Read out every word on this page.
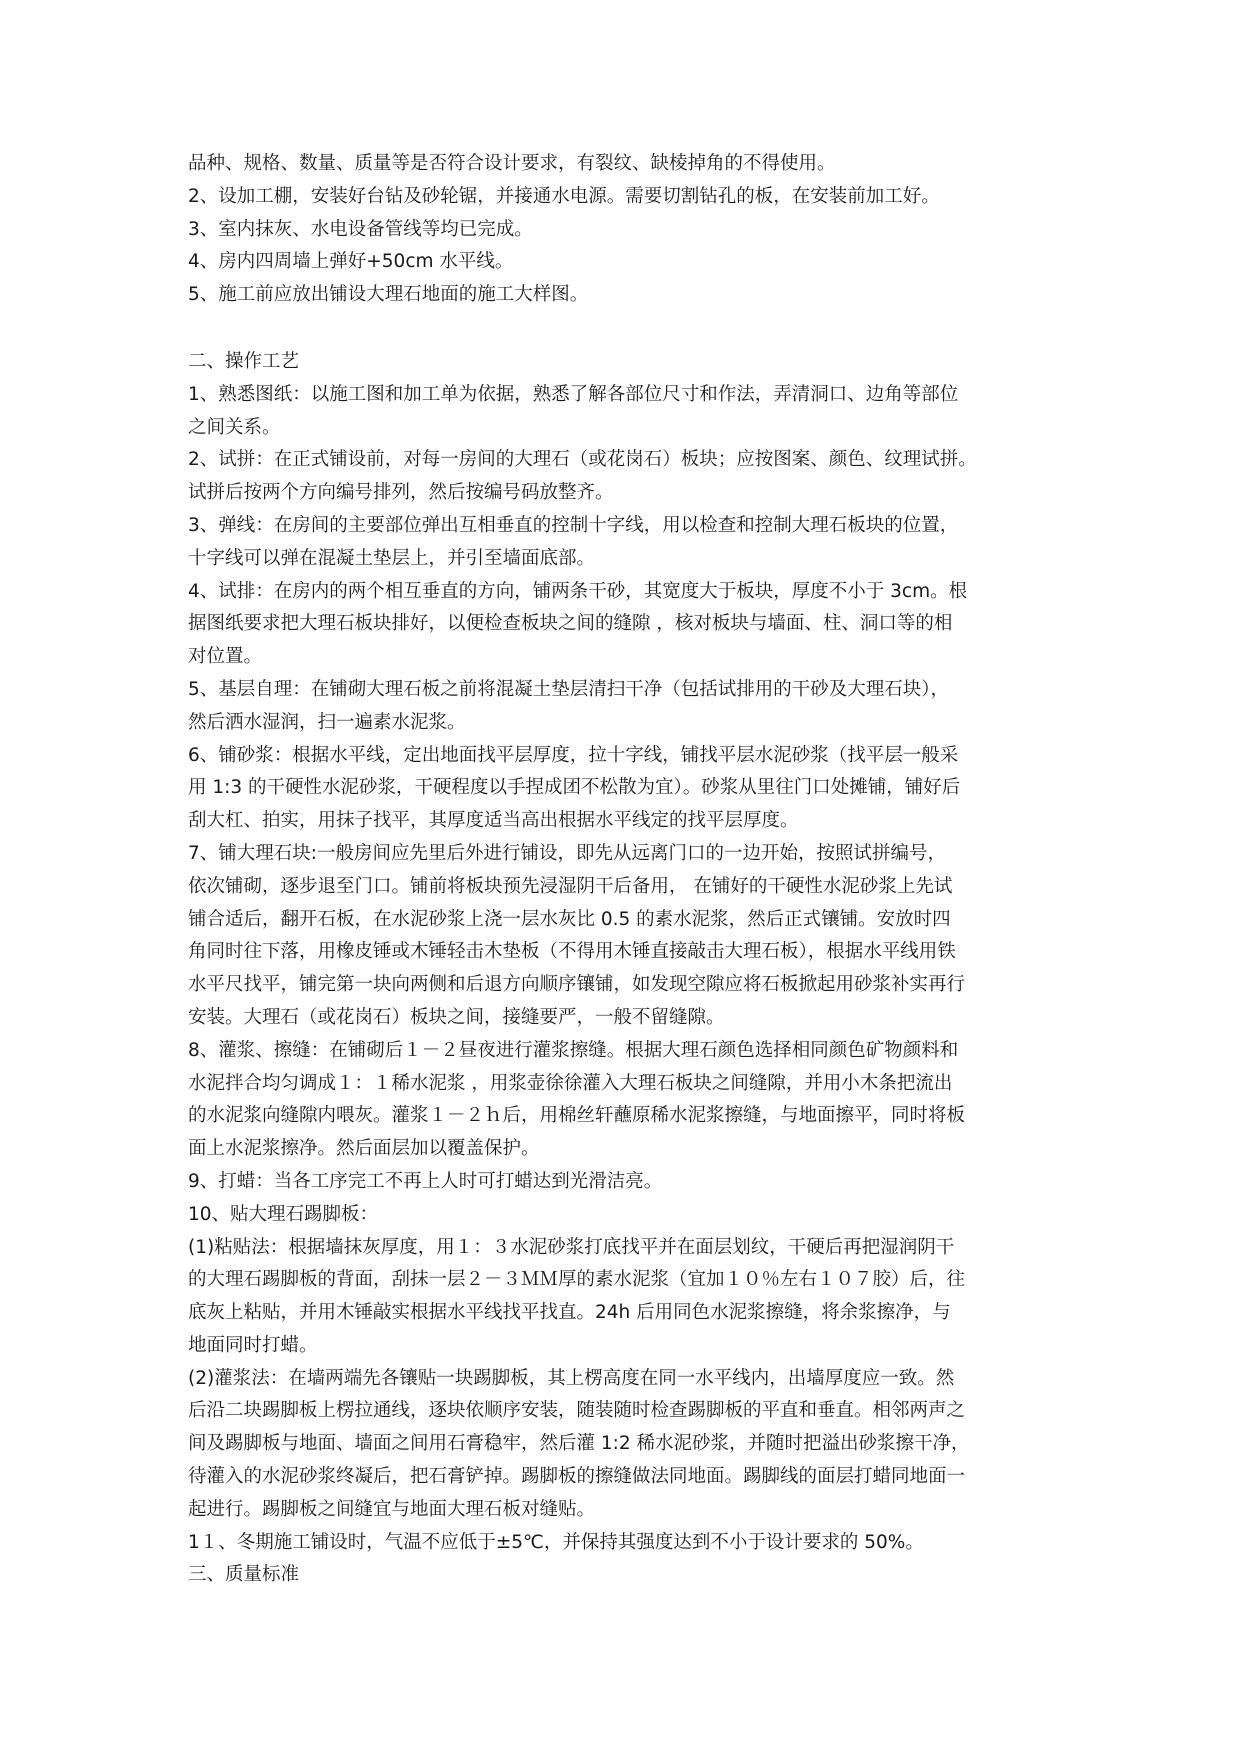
品种、规格、数量、质量等是否符合设计要求，有裂纹、缺棱掉角的不得使用。
2、设加工棚，安装好台钻及砂轮锯，并接通水电源。需要切割钻孔的板，在安装前加工好。
3、室内抹灰、水电设备管线等均已完成。
4、房内四周墙上弹好+50cm 水平线。
5、施工前应放出铺设大理石地面的施工大样图。
二、操作工艺
1、熟悉图纸：以施工图和加工单为依据，熟悉了解各部位尺寸和作法，弄清洞口、边角等部位
之间关系。
2、试拼：在正式铺设前，对每一房间的大理石（或花岗石）板块；应按图案、颜色、纹理试拼。
试拼后按两个方向编号排列，然后按编号码放整齐。
3、弹线：在房间的主要部位弹出互相垂直的控制十字线，用以检查和控制大理石板块的位置，
十字线可以弹在混凝土垫层上，并引至墙面底部。
4、试排：在房内的两个相互垂直的方向，铺两条干砂，其宽度大于板块，厚度不小于 3cm。根
据图纸要求把大理石板块排好，以便检查板块之间的缝隙 ，核对板块与墙面、柱、洞口等的相
对位置。
5、基层自理：在铺砌大理石板之前将混凝土垫层清扫干净（包括试排用的干砂及大理石块），
然后洒水湿润，扫一遍素水泥浆。
6、铺砂浆：根据水平线，定出地面找平层厚度，拉十字线，铺找平层水泥砂浆（找平层一般采
用 1:3 的干硬性水泥砂浆，干硬程度以手捏成团不松散为宜）。砂浆从里往门口处摊铺，铺好后
刮大杠、拍实，用抹子找平，其厚度适当高出根据水平线定的找平层厚度。
7、铺大理石块:一般房间应先里后外进行铺设，即先从远离门口的一边开始，按照试拼编号，
依次铺砌，逐步退至门口。铺前将板块预先浸湿阴干后备用， 在铺好的干硬性水泥砂浆上先试
铺合适后，翻开石板，在水泥砂浆上浇一层水灰比 0.5 的素水泥浆，然后正式镶铺。安放时四
角同时往下落，用橡皮锤或木锤轻击木垫板（不得用木锤直接敲击大理石板），根据水平线用铁
水平尺找平，铺完第一块向两侧和后退方向顺序镶铺，如发现空隙应将石板掀起用砂浆补实再行
安装。大理石（或花岗石）板块之间，接缝要严，一般不留缝隙。
8、灌浆、擦缝：在铺砌后１－２昼夜进行灌浆擦缝。根据大理石颜色选择相同颜色矿物颜料和
水泥拌合均匀调成１：１稀水泥浆 ，用浆壶徐徐灌入大理石板块之间缝隙，并用小木条把流出
的水泥浆向缝隙内喂灰。灌浆１－２ｈ后，用棉丝轩蘸原稀水泥浆擦缝，与地面擦平，同时将板
面上水泥浆擦净。然后面层加以覆盖保护。
9、打蜡：当各工序完工不再上人时可打蜡达到光滑洁亮。
10、贴大理石踢脚板：
(1)粘贴法：根据墙抹灰厚度，用１：３水泥砂浆打底找平并在面层划纹，干硬后再把湿润阴干
的大理石踢脚板的背面，刮抹一层２－３ＭＭ厚的素水泥浆（宜加１０％左右１０７胶）后，往
底灰上粘贴，并用木锤敲实根据水平线找平找直。24h 后用同色水泥浆擦缝，将余浆擦净，与
地面同时打蜡。
(2)灌浆法：在墙两端先各镶贴一块踢脚板，其上楞高度在同一水平线内，出墙厚度应一致。然
后沿二块踢脚板上楞拉通线，逐块依顺序安装，随装随时检查踢脚板的平直和垂直。相邻两声之
间及踢脚板与地面、墙面之间用石膏稳牢，然后灌 1:2 稀水泥砂浆，并随时把溢出砂浆擦干净，
待灌入的水泥砂浆终凝后，把石膏铲掉。踢脚板的擦缝做法同地面。踢脚线的面层打蜡同地面一
起进行。踢脚板之间缝宜与地面大理石板对缝贴。
1１、冬期施工铺设时，气温不应低于±5℃，并保持其强度达到不小于设计要求的 50%。
三、质量标准
